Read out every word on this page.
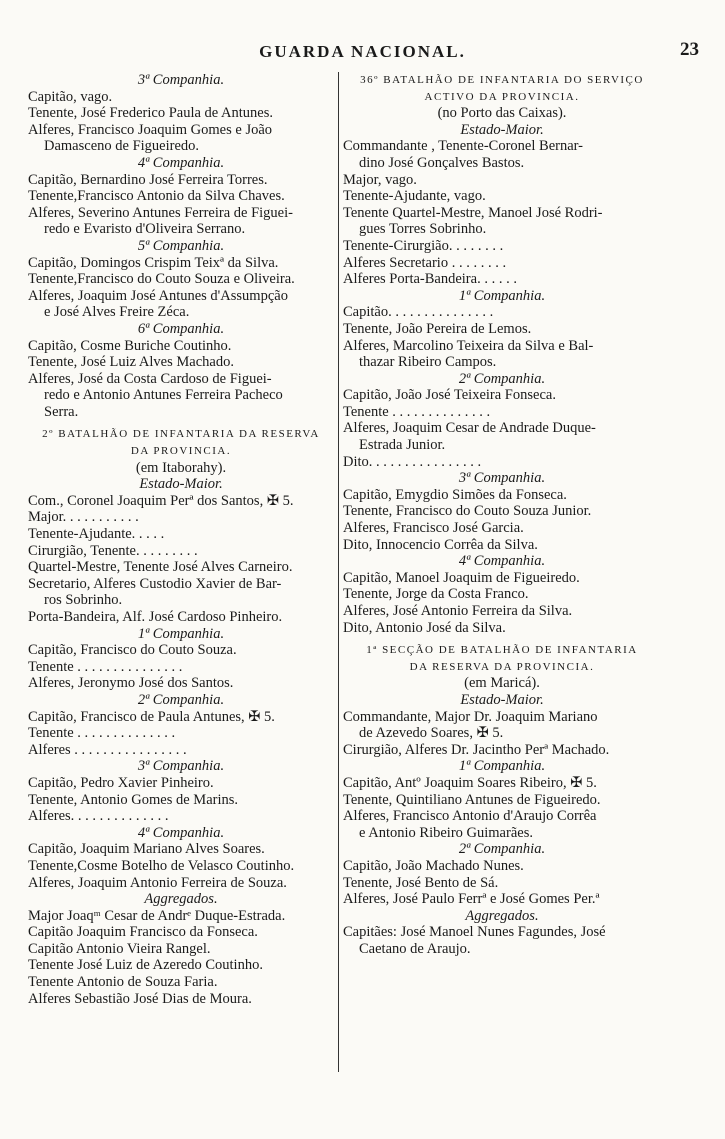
GUARDA NACIONAL.	23
3ª Companhia.
Capitão, vago.
Tenente, José Frederico Paula de Antunes.
Alferes, Francisco Joaquim Gomes e João
Damasceno de Figueiredo.
4ª Companhia.
Capitão, Bernardino José Ferreira Torres.
Tenente,Francisco Antonio da Silva Chaves.
Alferes, Severino Antunes Ferreira de Figuei-
redo e Evaristo d'Oliveira Serrano.
5ª Companhia.
Capitão, Domingos Crispim Teixª da Silva.
Tenente,Francisco do Couto Souza e Oliveira.
Alferes, Joaquim José Antunes d'Assumpção
e José Alves Freire Zéca.
6ª Companhia.
Capitão, Cosme Buriche Coutinho.
Tenente, José Luiz Alves Machado.
Alferes, José da Costa Cardoso de Figuei-
redo e Antonio Antunes Ferreira Pacheco
Serra.
2º BATALHÃO DE INFANTARIA DA RESERVA
DA PROVINCIA.
(em Itaborahy).
Estado-Maior.
Com., Coronel Joaquim Perª dos Santos, ✠ 5.
Major. . . . . . . . . . .
Tenente-Ajudante. . . . .
Cirurgião, Tenente. . . . . . . . .
Quartel-Mestre, Tenente José Alves Carneiro.
Secretario, Alferes Custodio Xavier de Bar-
ros Sobrinho.
Porta-Bandeira, Alf. José Cardoso Pinheiro.
1ª Companhia.
Capitão, Francisco do Couto Souza.
Tenente . . . . . . . . . . . . . . .
Alferes, Jeronymo José dos Santos.
2ª Companhia.
Capitão, Francisco de Paula Antunes, ✠ 5.
Tenente . . . . . . . . . . . . . .
Alferes . . . . . . . . . . . . . . . .
3ª Companhia.
Capitão, Pedro Xavier Pinheiro.
Tenente, Antonio Gomes de Marins.
Alferes. . . . . . . . . . . . . .
4ª Companhia.
Capitão, Joaquim Mariano Alves Soares.
Tenente,Cosme Botelho de Velasco Coutinho.
Alferes, Joaquim Antonio Ferreira de Souza.
Aggregados.
Major Joaqᵐ Cesar de Andrᵉ Duque-Estrada.
Capitão Joaquim Francisco da Fonseca.
Capitão Antonio Vieira Rangel.
Tenente José Luiz de Azeredo Coutinho.
Tenente Antonio de Souza Faria.
Alferes Sebastião José Dias de Moura.
36º BATALHÃO DE INFANTARIA DO SERVIÇO
ACTIVO DA PROVINCIA.
(no Porto das Caixas).
Estado-Maior.
Commandante , Tenente-Coronel Bernar-
dino José Gonçalves Bastos.
Major, vago.
Tenente-Ajudante, vago.
Tenente Quartel-Mestre, Manoel José Rodri-
gues Torres Sobrinho.
Tenente-Cirurgião. . . . . . . .
Alferes Secretario . . . . . . . .
Alferes Porta-Bandeira. . . . . .
1ª Companhia.
Capitão. . . . . . . . . . . . . . .
Tenente, João Pereira de Lemos.
Alferes, Marcolino Teixeira da Silva e Bal-
thazar Ribeiro Campos.
2ª Companhia.
Capitão, João José Teixeira Fonseca.
Tenente . . . . . . . . . . . . . .
Alferes, Joaquim Cesar de Andrade Duque-
Estrada Junior.
Dito. . . . . . . . . . . . . . . .
3ª Companhia.
Capitão, Emygdio Simões da Fonseca.
Tenente, Francisco do Couto Souza Junior.
Alferes, Francisco José Garcia.
Dito, Innocencio Corrêa da Silva.
4ª Companhia.
Capitão, Manoel Joaquim de Figueiredo.
Tenente, Jorge da Costa Franco.
Alferes, José Antonio Ferreira da Silva.
Dito, Antonio José da Silva.
1ª SECÇÃO DE BATALHÃO DE INFANTARIA
DA RESERVA DA PROVINCIA.
(em Maricá).
Estado-Maior.
Commandante, Major Dr. Joaquim Mariano
de Azevedo Soares, ✠ 5.
Cirurgião, Alferes Dr. Jacintho Perª Machado.
1ª Companhia.
Capitão, Antº Joaquim Soares Ribeiro, ✠ 5.
Tenente, Quintiliano Antunes de Figueiredo.
Alferes, Francisco Antonio d'Araujo Corrêa
e Antonio Ribeiro Guimarães.
2ª Companhia.
Capitão, João Machado Nunes.
Tenente, José Bento de Sá.
Alferes, José Paulo Ferrª e José Gomes Per.ª
Aggregados.
Capitães: José Manoel Nunes Fagundes, José
Caetano de Araujo.
